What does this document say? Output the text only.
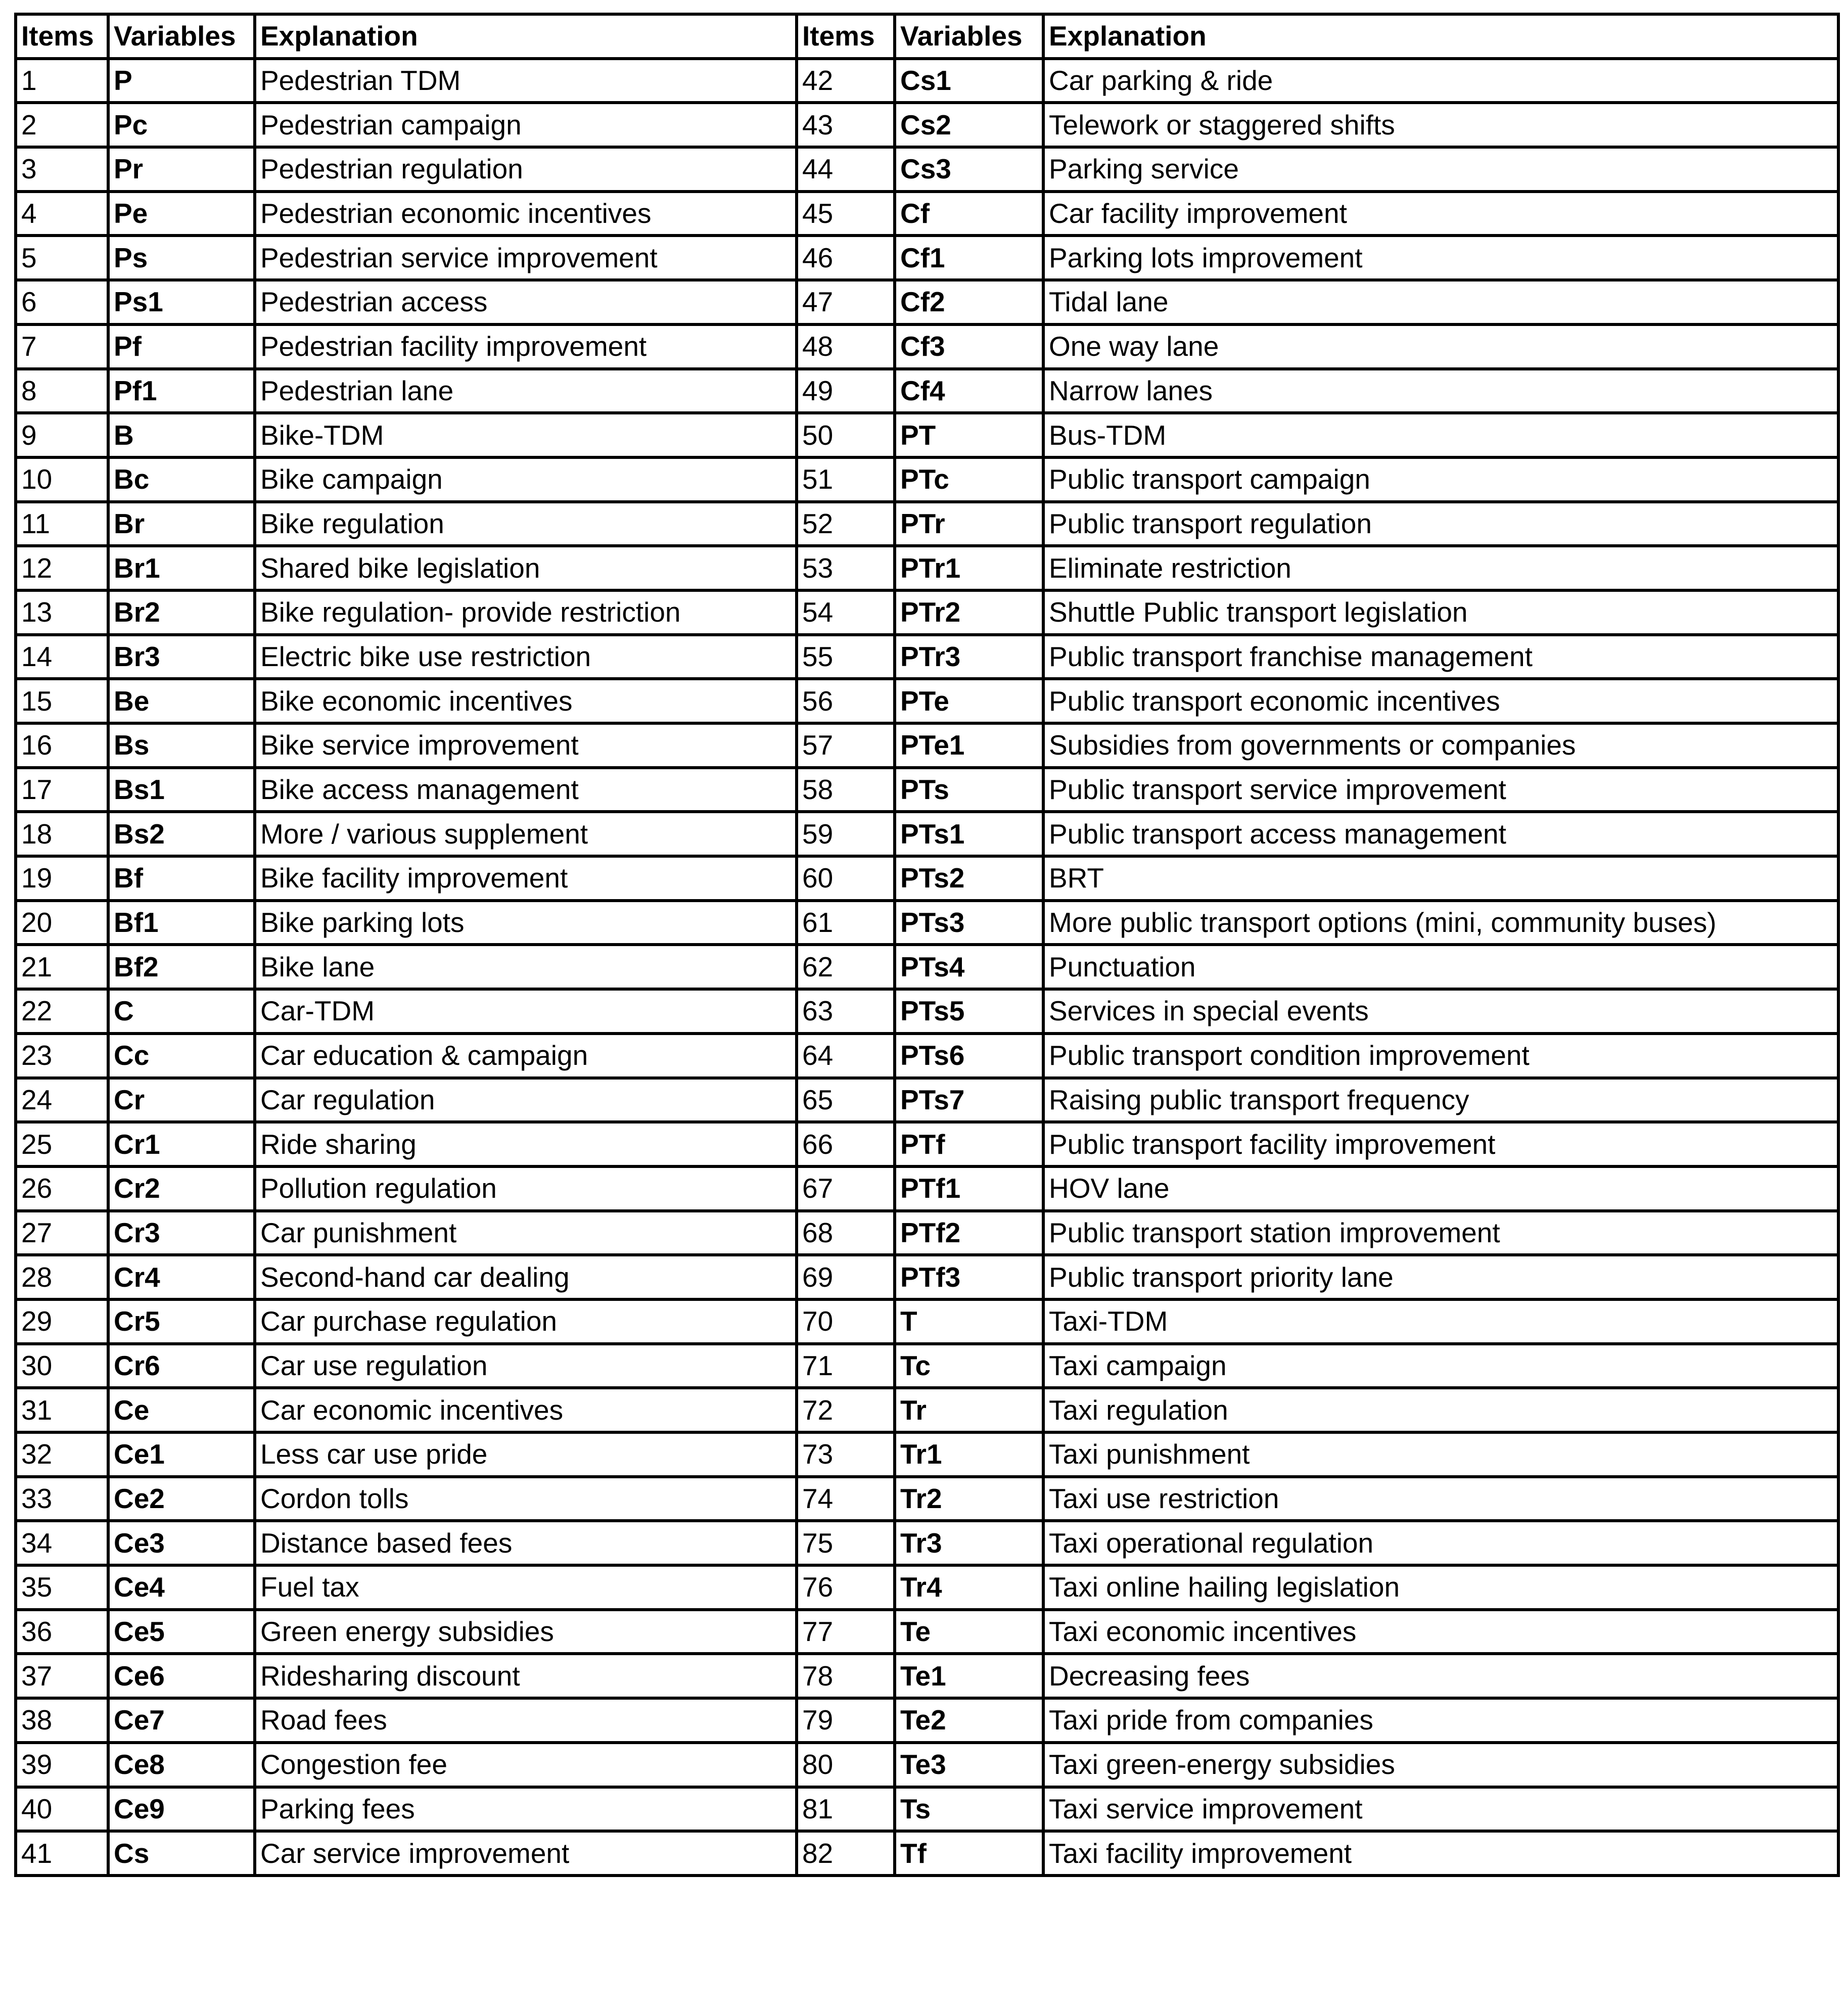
Items	Variables	Explanation	Items	Variables	Explanation
1	P	Pedestrian TDM	42	Cs1	Car parking & ride
2	Pc	Pedestrian campaign	43	Cs2	Telework or staggered shifts
3	Pr	Pedestrian regulation	44	Cs3	Parking service
4	Pe	Pedestrian economic incentives	45	Cf	Car facility improvement
5	Ps	Pedestrian service improvement	46	Cf1	Parking lots improvement
6	Ps1	Pedestrian access	47	Cf2	Tidal lane
7	Pf	Pedestrian facility improvement	48	Cf3	One way lane
8	Pf1	Pedestrian lane	49	Cf4	Narrow lanes
9	B	Bike-TDM	50	PT	Bus-TDM
10	Bc	Bike campaign	51	PTc	Public transport campaign
11	Br	Bike regulation	52	PTr	Public transport regulation
12	Br1	Shared bike legislation	53	PTr1	Eliminate restriction
13	Br2	Bike regulation- provide restriction	54	PTr2	Shuttle Public transport legislation
14	Br3	Electric bike use restriction	55	PTr3	Public transport franchise management
15	Be	Bike economic incentives	56	PTe	Public transport economic incentives
16	Bs	Bike service improvement	57	PTe1	Subsidies from governments or companies
17	Bs1	Bike access management	58	PTs	Public transport service improvement
18	Bs2	More / various supplement	59	PTs1	Public transport access management
19	Bf	Bike facility improvement	60	PTs2	BRT
20	Bf1	Bike parking lots	61	PTs3	More public transport options (mini, community buses)
21	Bf2	Bike lane	62	PTs4	Punctuation
22	C	Car-TDM	63	PTs5	Services in special events
23	Cc	Car education & campaign	64	PTs6	Public transport condition improvement
24	Cr	Car regulation	65	PTs7	Raising public transport frequency
25	Cr1	Ride sharing	66	PTf	Public transport facility improvement
26	Cr2	Pollution regulation	67	PTf1	HOV lane
27	Cr3	Car punishment	68	PTf2	Public transport station improvement
28	Cr4	Second-hand car dealing	69	PTf3	Public transport priority lane
29	Cr5	Car purchase regulation	70	T	Taxi-TDM
30	Cr6	Car use regulation	71	Tc	Taxi campaign
31	Ce	Car economic incentives	72	Tr	Taxi regulation
32	Ce1	Less car use pride	73	Tr1	Taxi punishment
33	Ce2	Cordon tolls	74	Tr2	Taxi use restriction
34	Ce3	Distance based fees	75	Tr3	Taxi operational regulation
35	Ce4	Fuel tax	76	Tr4	Taxi online hailing legislation
36	Ce5	Green energy subsidies	77	Te	Taxi economic incentives
37	Ce6	Ridesharing discount	78	Te1	Decreasing fees
38	Ce7	Road fees	79	Te2	Taxi pride from companies
39	Ce8	Congestion fee	80	Te3	Taxi green-energy subsidies
40	Ce9	Parking fees	81	Ts	Taxi service improvement
41	Cs	Car service improvement	82	Tf	Taxi facility improvement
